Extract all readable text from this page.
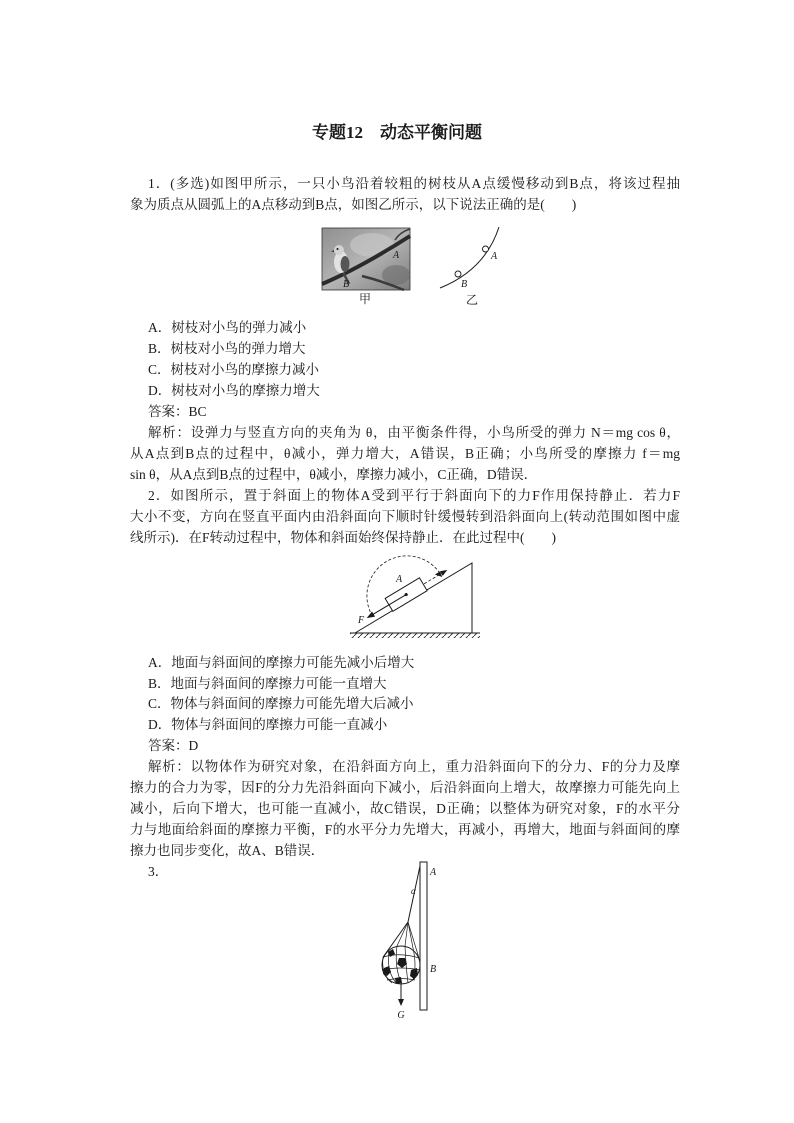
专题12　动态平衡问题
1．(多选)如图甲所示，一只小鸟沿着较粗的树枝从A点缓慢移动到B点，将该过程抽
象为质点从圆弧上的A点移动到B点，如图乙所示，以下说法正确的是(　　)
A
B
甲
A
B
乙
A．树枝对小鸟的弹力减小
B．树枝对小鸟的弹力增大
C．树枝对小鸟的摩擦力减小
D．树枝对小鸟的摩擦力增大
答案：BC
解析：设弹力与竖直方向的夹角为 θ，由平衡条件得，小鸟所受的弹力 N＝mg cos θ，
从A点到B点的过程中，θ减小，弹力增大，A错误，B正确；小鸟所受的摩擦力 f＝mg
sin θ，从A点到B点的过程中，θ减小，摩擦力减小，C正确，D错误．
2．如图所示，置于斜面上的物体A受到平行于斜面向下的力F作用保持静止．若力F
大小不变，方向在竖直平面内由沿斜面向下顺时针缓慢转到沿斜面向上(转动范围如图中虚
线所示)．在F转动过程中，物体和斜面始终保持静止．在此过程中(　　)
A
F
A．地面与斜面间的摩擦力可能先减小后增大
B．地面与斜面间的摩擦力可能一直增大
C．物体与斜面间的摩擦力可能先增大后减小
D．物体与斜面间的摩擦力可能一直减小
答案：D
解析：以物体作为研究对象，在沿斜面方向上，重力沿斜面向下的分力、F的分力及摩
擦力的合力为零，因F的分力先沿斜面向下减小，后沿斜面向上增大，故摩擦力可能先向上
减小，后向下增大，也可能一直减小，故C错误，D正确；以整体为研究对象，F的水平分
力与地面给斜面的摩擦力平衡，F的水平分力先增大，再减小，再增大，地面与斜面间的摩
擦力也同步变化，故A、B错误．
3．	A
B
α
G
